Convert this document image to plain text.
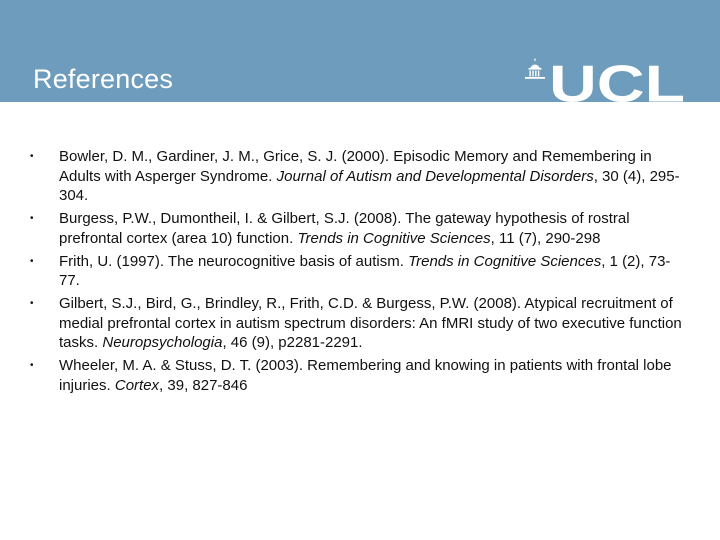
References	UCL
• Bowler, D. M., Gardiner, J. M., Grice, S. J. (2000). Episodic Memory and Remembering in Adults with Asperger Syndrome. Journal of Autism and Developmental Disorders, 30 (4), 295-304.
• Burgess, P.W., Dumontheil, I. & Gilbert, S.J. (2008). The gateway hypothesis of rostral prefrontal cortex (area 10) function. Trends in Cognitive Sciences, 11 (7), 290-298
• Frith, U. (1997). The neurocognitive basis of autism. Trends in Cognitive Sciences, 1 (2), 73-77.
• Gilbert, S.J., Bird, G., Brindley, R., Frith, C.D. & Burgess, P.W. (2008). Atypical recruitment of medial prefrontal cortex in autism spectrum disorders: An fMRI study of two executive function tasks. Neuropsychologia, 46 (9), p2281-2291.
• Wheeler, M. A. & Stuss, D. T. (2003). Remembering and knowing in patients with frontal lobe injuries. Cortex, 39, 827-846
